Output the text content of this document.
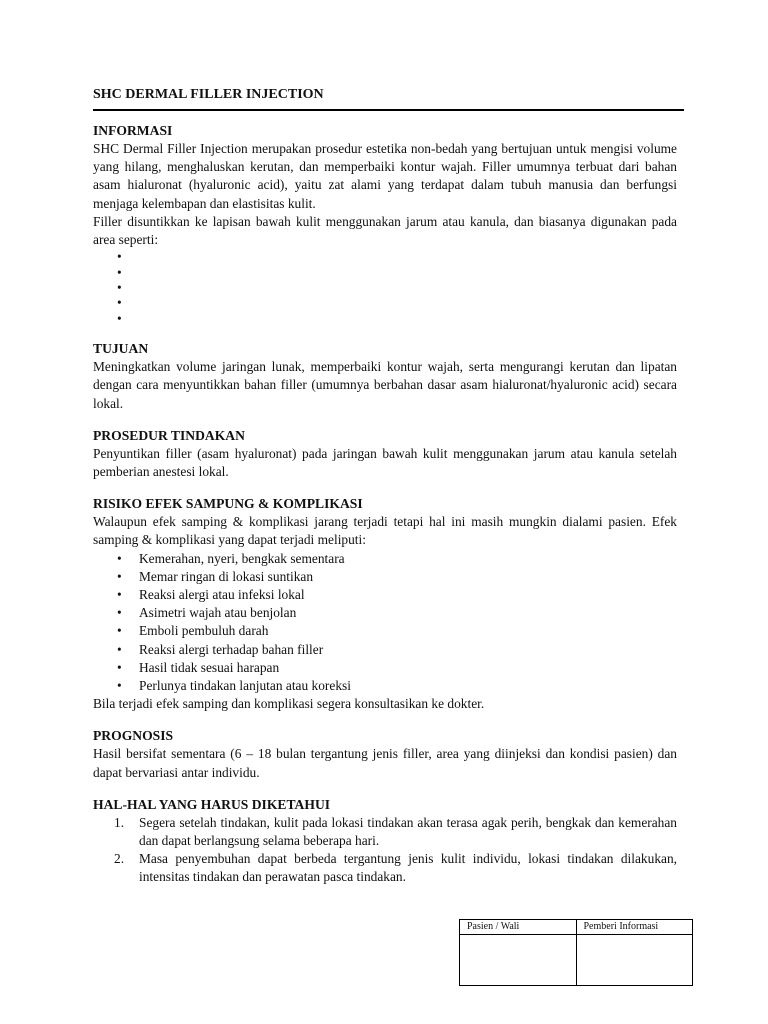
SHC DERMAL FILLER INJECTION
INFORMASI

SHC Dermal Filler Injection merupakan prosedur estetika non-bedah yang bertujuan untuk mengisi volume yang hilang, menghaluskan kerutan, dan memperbaiki kontur wajah. Filler umumnya terbuat dari bahan asam hialuronat (hyaluronic acid), yaitu zat alami yang terdapat dalam tubuh manusia dan berfungsi menjaga kelembapan dan elastisitas kulit.

Filler disuntikkan ke lapisan bawah kulit menggunakan jarum atau kanula, dan biasanya digunakan pada area seperti:

•
•
•
•
•
TUJUAN

Meningkatkan volume jaringan lunak, memperbaiki kontur wajah, serta mengurangi kerutan dan lipatan dengan cara menyuntikkan bahan filler (umumnya berbahan dasar asam hialuronat/hyaluronic acid) secara lokal.

PROSEDUR TINDAKAN

Penyuntikan filler (asam hyaluronat) pada jaringan bawah kulit menggunakan jarum atau kanula setelah pemberian anestesi lokal.

RISIKO EFEK SAMPUNG & KOMPLIKASI

Walaupun efek samping & komplikasi jarang terjadi tetapi hal ini masih mungkin dialami pasien. Efek samping & komplikasi yang dapat terjadi meliputi:

• Kemerahan, nyeri, bengkak sementara
• Memar ringan di lokasi suntikan
• Reaksi alergi atau infeksi lokal
• Asimetri wajah atau benjolan
• Emboli pembuluh darah
• Reaksi alergi terhadap bahan filler
• Hasil tidak sesuai harapan
• Perlunya tindakan lanjutan atau koreksi

Bila terjadi efek samping dan komplikasi segera konsultasikan ke dokter.

PROGNOSIS

Hasil bersifat sementara (6 – 18 bulan tergantung jenis filler, area yang diinjeksi dan kondisi pasien) dan dapat bervariasi antar individu.

HAL-HAL YANG HARUS DIKETAHUI
1. Segera setelah tindakan, kulit pada lokasi tindakan akan terasa agak perih, bengkak dan kemerahan dan dapat berlangsung selama beberapa hari.
2. Masa penyembuhan dapat berbeda tergantung jenis kulit individu, lokasi tindakan dilakukan, intensitas tindakan dan perawatan pasca tindakan.
Pasien / Wali	Pemberi Informasi
